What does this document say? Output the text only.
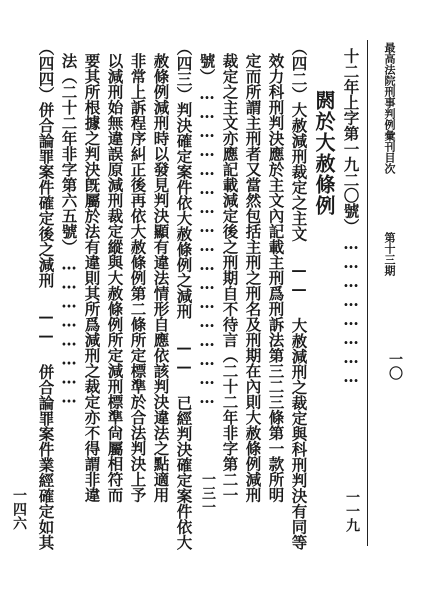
最高法院刑事判例彙刊目次
第十三期
一〇
十二年上字第一九二〇號）……………………
閼於大赦條例
（四二）大赦減刑裁定之主文 —— 大赦減刑之裁定與科刑判決有同等
效力科刑判決應於主文內記載主刑爲刑訴法第三二三條第一款所明
定而所謂主刑者又當然包括主刑之刑名及刑期在內則大赦條例減刑
裁定之主文亦應記載減定後之刑期自不待言（二十二年非字第二一
號）……………………………………………
（四三）判決確定案件依大赦條例之減刑 —— 已經判決確定案件依大
赦條例減刑時以發見判決顯有違法情形自應依該判決違法之點適用
非常上訴程序糾正後再依大赦條例第二條所定標準於合法判決上予
以減刑始無違誤原減刑裁定縱與大赦條例所定減刑標準尙屬相符而
要其所根據之判決旣屬於法有違則其所爲減刑之裁定亦不得謂非違
法（二十二年非字第六五號）……………………
（四四）併合論罪案件確定後之減刑 —— 併合論罪案件業經確定如其	一一九
一三一
一四六
